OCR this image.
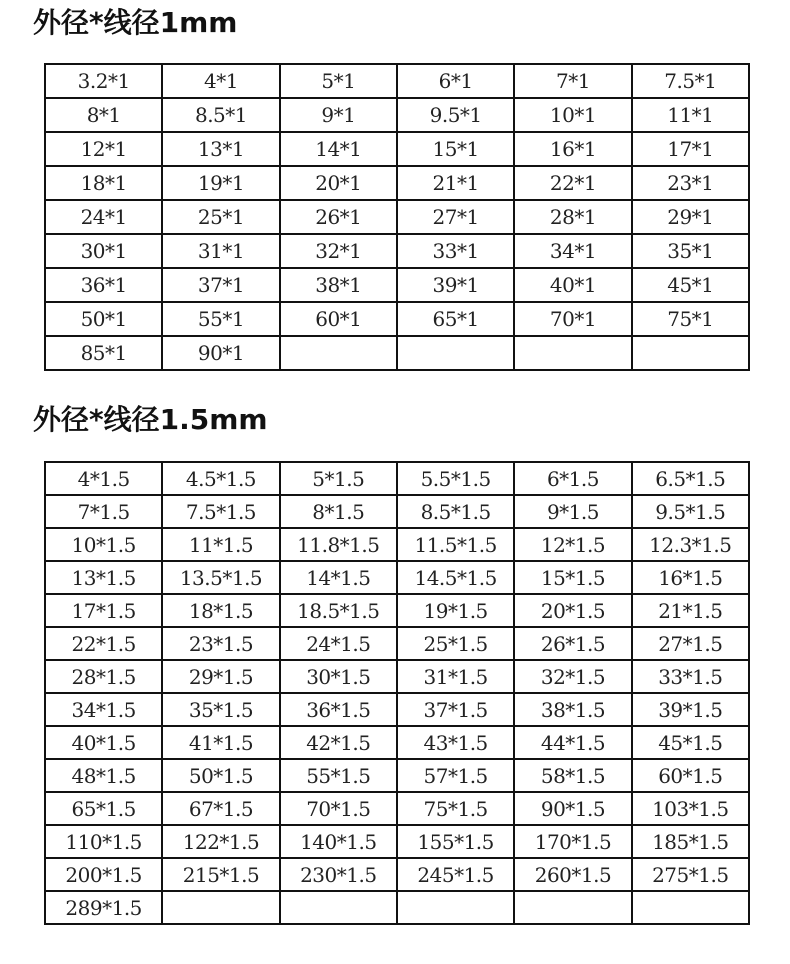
外径*线径1mm
3.2*1	4*1	5*1	6*1	7*1	7.5*1
8*1	8.5*1	9*1	9.5*1	10*1	11*1
12*1	13*1	14*1	15*1	16*1	17*1
18*1	19*1	20*1	21*1	22*1	23*1
24*1	25*1	26*1	27*1	28*1	29*1
30*1	31*1	32*1	33*1	34*1	35*1
36*1	37*1	38*1	39*1	40*1	45*1
50*1	55*1	60*1	65*1	70*1	75*1
85*1	90*1				
外径*线径1.5mm
4*1.5	4.5*1.5	5*1.5	5.5*1.5	6*1.5	6.5*1.5
7*1.5	7.5*1.5	8*1.5	8.5*1.5	9*1.5	9.5*1.5
10*1.5	11*1.5	11.8*1.5	11.5*1.5	12*1.5	12.3*1.5
13*1.5	13.5*1.5	14*1.5	14.5*1.5	15*1.5	16*1.5
17*1.5	18*1.5	18.5*1.5	19*1.5	20*1.5	21*1.5
22*1.5	23*1.5	24*1.5	25*1.5	26*1.5	27*1.5
28*1.5	29*1.5	30*1.5	31*1.5	32*1.5	33*1.5
34*1.5	35*1.5	36*1.5	37*1.5	38*1.5	39*1.5
40*1.5	41*1.5	42*1.5	43*1.5	44*1.5	45*1.5
48*1.5	50*1.5	55*1.5	57*1.5	58*1.5	60*1.5
65*1.5	67*1.5	70*1.5	75*1.5	90*1.5	103*1.5
110*1.5	122*1.5	140*1.5	155*1.5	170*1.5	185*1.5
200*1.5	215*1.5	230*1.5	245*1.5	260*1.5	275*1.5
289*1.5					
